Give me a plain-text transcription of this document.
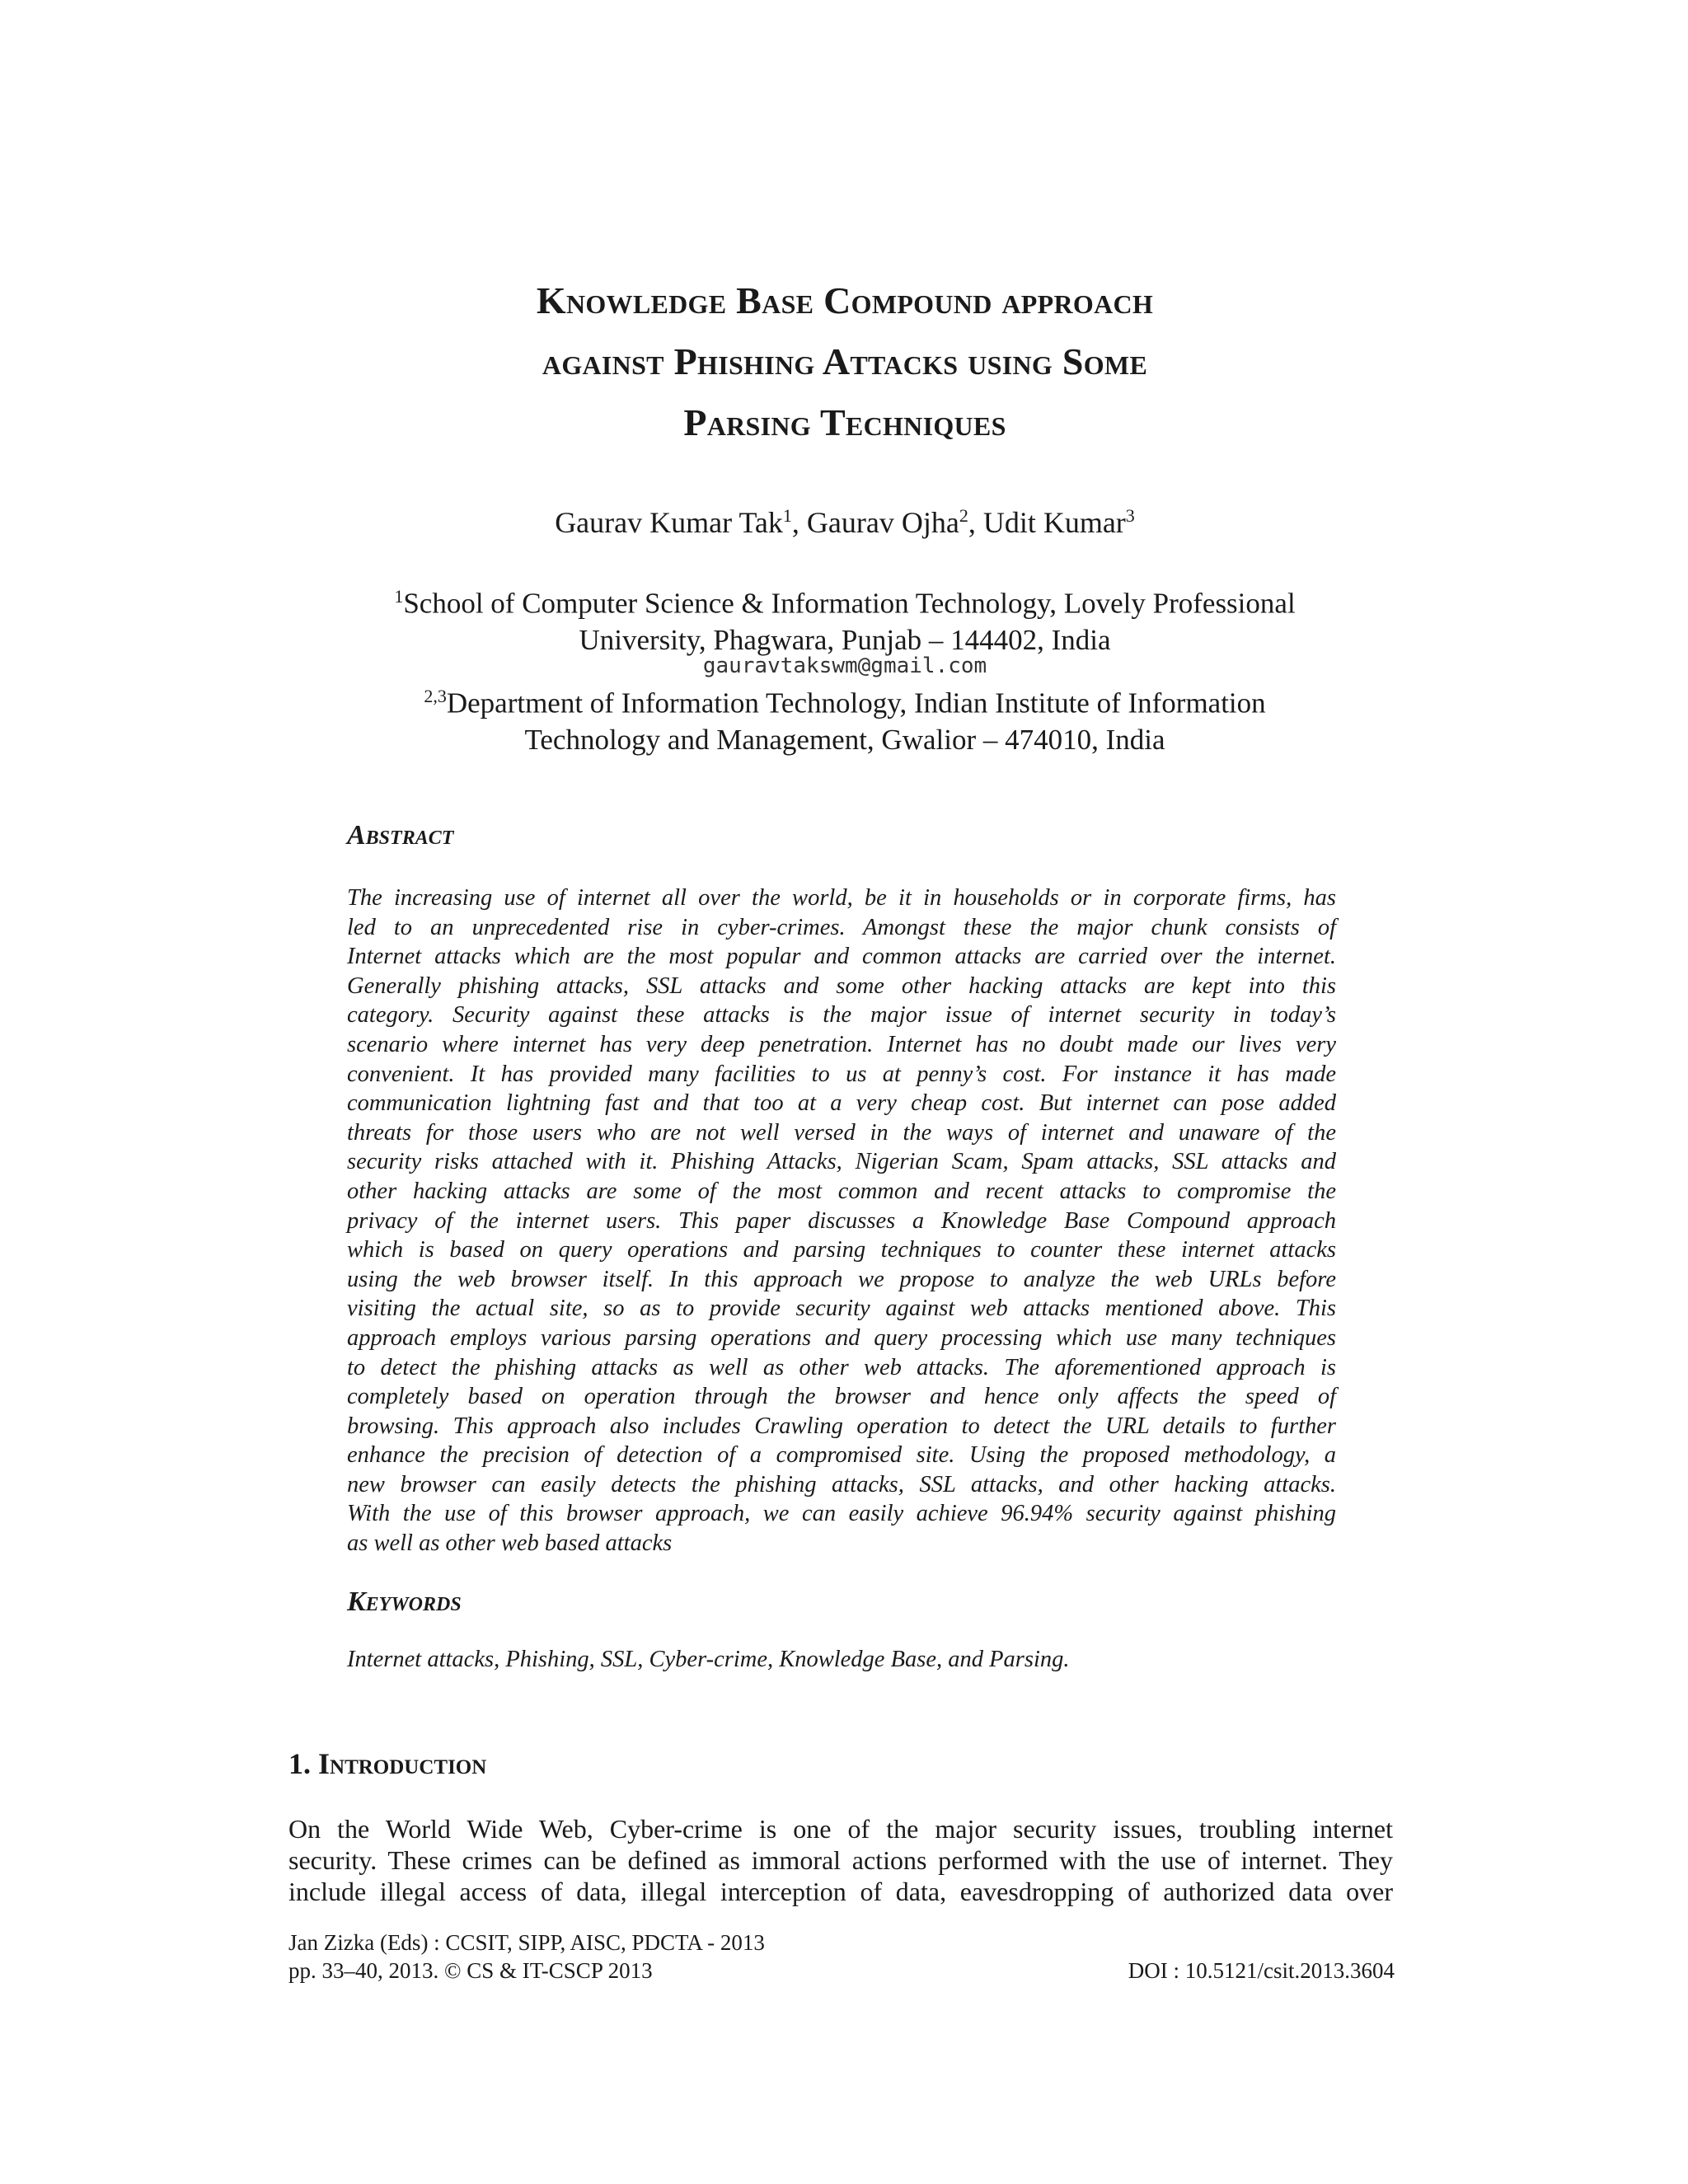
Knowledge Base Compound approach
against Phishing Attacks using Some
Parsing Techniques
Gaurav Kumar Tak$^1$, Gaurav Ojha$^2$, Udit Kumar$^3$
$^1$School of Computer Science & Information Technology, Lovely Professional
University, Phagwara, Punjab – 144402, India
gauravtakswm@gmail.com
$^{2,3}$Department of Information Technology, Indian Institute of Information
Technology and Management, Gwalior – 474010, India
Abstract
The increasing use of internet all over the world, be it in households or in corporate firms, has
led to an unprecedented rise in cyber-crimes. Amongst these the major chunk consists of
Internet attacks which are the most popular and common attacks are carried over the internet.
Generally phishing attacks, SSL attacks and some other hacking attacks are kept into this
category. Security against these attacks is the major issue of internet security in today’s
scenario where internet has very deep penetration. Internet has no doubt made our lives very
convenient. It has provided many facilities to us at penny’s cost. For instance it has made
communication lightning fast and that too at a very cheap cost. But internet can pose added
threats for those users who are not well versed in the ways of internet and unaware of the
security risks attached with it. Phishing Attacks, Nigerian Scam, Spam attacks, SSL attacks and
other hacking attacks are some of the most common and recent attacks to compromise the
privacy of the internet users. This paper discusses a Knowledge Base Compound approach
which is based on query operations and parsing techniques to counter these internet attacks
using the web browser itself. In this approach we propose to analyze the web URLs before
visiting the actual site, so as to provide security against web attacks mentioned above. This
approach employs various parsing operations and query processing which use many techniques
to detect the phishing attacks as well as other web attacks. The aforementioned approach is
completely based on operation through the browser and hence only affects the speed of
browsing. This approach also includes Crawling operation to detect the URL details to further
enhance the precision of detection of a compromised site. Using the proposed methodology, a
new browser can easily detects the phishing attacks, SSL attacks, and other hacking attacks.
With the use of this browser approach, we can easily achieve 96.94% security against phishing
as well as other web based attacks
Keywords
Internet attacks, Phishing, SSL, Cyber-crime, Knowledge Base, and Parsing.
1. Introduction
On the World Wide Web, Cyber-crime is one of the major security issues, troubling internet
security. These crimes can be defined as immoral actions performed with the use of internet. They
include illegal access of data, illegal interception of data, eavesdropping of authorized data over
Jan Zizka (Eds) : CCSIT, SIPP, AISC, PDCTA - 2013
pp. 33–40, 2013. © CS & IT-CSCP 2013	DOI : 10.5121/csit.2013.3604
